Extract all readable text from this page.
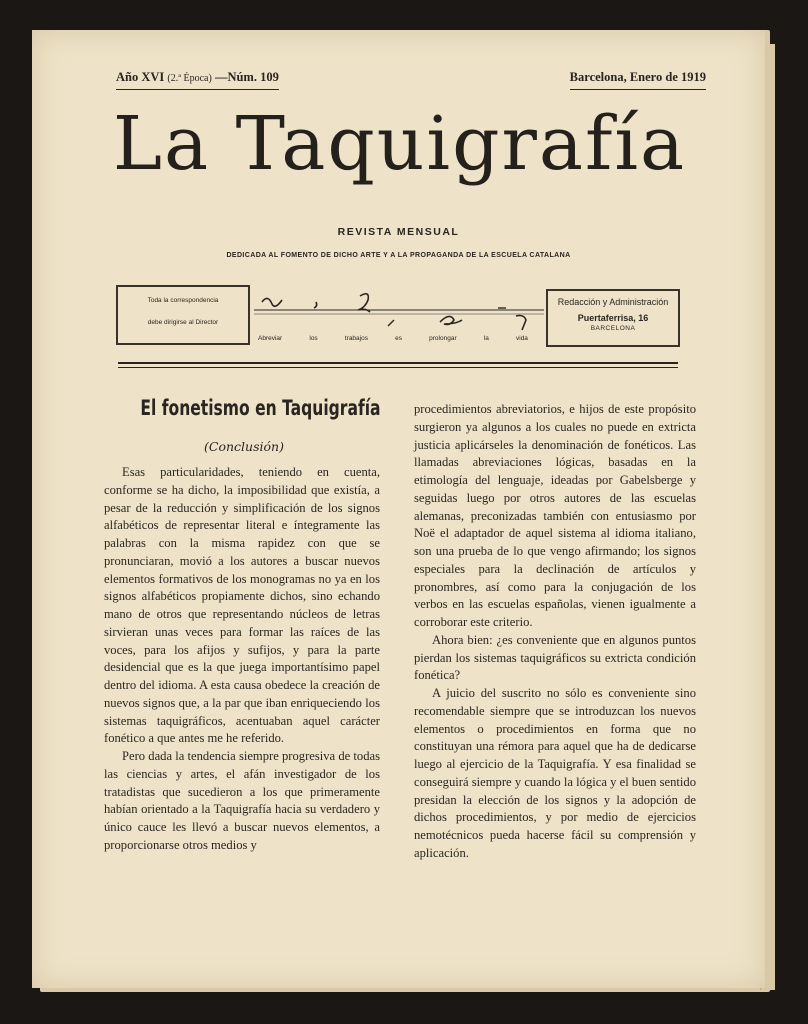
Año XVI (2.ª Época) —Núm. 109	Barcelona, Enero de 1919
La Taquigrafía
REVISTA MENSUAL
DEDICADA AL FOMENTO DE DICHO ARTE Y A LA PROPAGANDA DE LA ESCUELA CATALANA
Toda la correspondencia
debe dirigirse al Director
Abreviar	los	trabajos	es	prolongar	la	vida
Redacción y Administración
Puertaferrisa, 16
BARCELONA
El fonetismo en Taquigrafía
(Conclusión)

Esas particularidades, teniendo en cuenta, conforme se ha dicho, la imposibilidad que existía, a pesar de la reducción y simplificación de los signos alfabéticos de representar literal e íntegramente las palabras con la misma rapidez con que se pronunciaran, movió a los autores a buscar nuevos elementos formativos de los monogramas no ya en los signos alfabéticos propiamente dichos, sino echando mano de otros que representando núcleos de letras sirvieran unas veces para formar las raíces de las voces, para los afijos y sufijos, y para la parte desidencial que es la que juega importantísimo papel dentro del idioma. A esta causa obedece la creación de nuevos signos que, a la par que iban enriqueciendo los sistemas taquigráficos, acentuaban aquel carácter fonético a que antes me he referido.

Pero dada la tendencia siempre progresiva de todas las ciencias y artes, el afán investigador de los tratadistas que sucedieron a los que primeramente habían orientado a la Taquigrafía hacia su verdadero y único cauce les llevó a buscar nuevos elementos, a proporcionarse otros medios y

procedimientos abreviatorios, e hijos de este propósito surgieron ya algunos a los cuales no puede en extricta justicia aplicárseles la denominación de fonéticos. Las llamadas abreviaciones lógicas, basadas en la etimología del lenguaje, ideadas por Gabelsberge y seguidas luego por otros autores de las escuelas alemanas, preconizadas también con entusiasmo por Noë el adaptador de aquel sistema al idioma italiano, son una prueba de lo que vengo afirmando; los signos especiales para la declinación de artículos y pronombres, así como para la conjugación de los verbos en las escuelas españolas, vienen igualmente a corroborar este criterio.

Ahora bien: ¿es conveniente que en algunos puntos pierdan los sistemas taquigráficos su extricta condición fonética?

A juicio del suscrito no sólo es conveniente sino recomendable siempre que se introduzcan los nuevos elementos o procedimientos en forma que no constituyan una rémora para aquel que ha de dedicarse luego al ejercicio de la Taquigrafía. Y esa finalidad se conseguirá siempre y cuando la lógica y el buen sentido presidan la elección de los signos y la adopción de dichos procedimientos, y por medio de ejercicios nemotécnicos pueda hacerse fácil su comprensión y aplicación.
